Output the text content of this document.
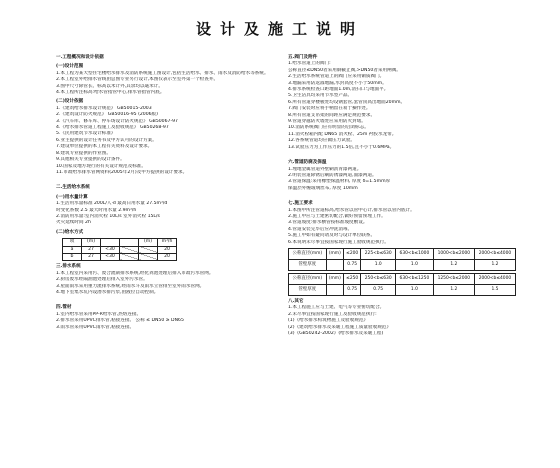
设计及施工说明
一.工程概况和设计依据
(一)设计范围
1.本工程为某大型住宅楼给水排水及消防系统施工图设计,包括生活给水、排水、雨水及消防给水等系统。
2.本工程室外给排水管线由总图专业另行设计,本图仅表示至室外第一个检查井。
3.图中尺寸除管长、标高以米计外,其余均以毫米计。
4.本工程所注标高:给水管指管中心,排水管指管内底。
(二)设计依据
1.《建筑给水排水设计规范》 GB50015-2003
2.《建筑设计防火规范》 GB50016-95 (2006版)
3.《汽车库、修车库、停车场设计防火规范》 GB50067-97
4.《给水排水管道工程施工及验收规范》 GB50268-97
5.《民用建筑节水设计标准》
6.业主提供的设计任务书及甲方认可的设计方案。
7.建设单位提供的本工程有关资料及设计要求。
8.建筑专业提供的作业图。
9.其他相关专业提供的设计条件。
10.国家及地方现行的有关设计规范及标准。
11.市政给水排水管网资料(2005年2月)及甲方提供的设计要求。
二.生活给水系统
(一)用水量计算
1.生活用水量标准 200L/人·d 最高日用水量 27.5m³/d
时变化系数 2.5 最大时用水量 2.9m³/h
2.消防用水量:室内消火栓 10L/s 室外消火栓 15L/s
火灾延续时间 2h
(二)给水方式
项	(m)			(m)	m³/h
a	27	<30			20
b	27	<30			20
三.排水系统
1.本工程室内采用污、废合流制排水系统,经化粪池处理后排入市政污水管网。
2.厨房废水经隔油池处理后排入室外污水管。
3.屋面雨水采用重力流排水系统,经雨水斗及雨水立管排至室外雨水管网。
4.地下室集水坑内设潜水排污泵,由液位自动控制。
四.管材
1.室内给水管采用PP-R给水管,热熔连接。
2.排水管采用UPVC排水管,粘接连接。 公称 ≤ DN50 ≥ DN65
3.雨水管采用UPVC雨水管,粘接连接。
五.阀门及附件
1.给水管道上的阀门:
公称直径≤DN50者采用铜截止阀,>DN50者采用闸阀。
2.生活给水系统管道上的阀门应采用铜质阀门。
3.地漏采用防返溢地漏,水封高度不小于50mm。
4.排水系统检查口距地面1.0m,清扫口与地面平。
5.卫生洁具均采用节水型产品。
6.所有管道穿楼板处均设钢套管,套管顶高出地面20mm。
7.阀门安装时应将手柄留在易于操作处。
8.所有管道支吊架的间距应满足规范要求。
9.管道穿越防火墙处应采用防火封堵。
10.消防系统阀门应有明显的启闭标志。
11.消火栓箱内配 DN65 消火栓、25m 衬胶水龙带。
12.各系统管道均应做压力试验。
13.试验压力为工作压力的1.5倍,且不小于0.6MPa。
六.管道防腐及保温
1.埋地金属管道外壁刷沥青漆两道。
2.明装管道除锈后刷防锈漆两道,面漆两道。
3.管道保温:采用橡塑保温材料, 厚度 δ=1.5mm厚
保温层外缠玻璃丝布, 厚度 10mm
七.施工要求
1.本图中所注管道标高,给水管以管中心计,排水管以管内底计。
2.施工中应与土建密切配合,做好预留预埋工作。
3.管道坡度:排水横管按标准坡度敷设。
4.管道安装完毕后应冲洗消毒。
5.施工中如有疑问请及时与设计单位联系。
6.本说明未尽事宜按国家现行施工验收规范执行。
公称直径(mm)	(mm)	≤200	225<b≤630	630<b≤1000	1000<b≤2000	2000<b≤4000
管壁厚度		0.75	1.0	1.0	1.2	1.2
公称直径(mm)	(mm)	≤250	250<b≤630	630<b≤1250	1250<b≤2000	2000<b≤4000
管壁厚度		0.75	0.75	1.0	1.2	1.5
八.其它
1.本工程施工应与土建、电气等专业密切配合。
2.未尽事宜按国家现行施工及验收规范执行:
(1)《给水排水构筑物施工及验收规范》
(2)《建筑给水排水及采暖工程施工质量验收规范》
(3)《GB50242-2002》(给水排水及采暖工程)
